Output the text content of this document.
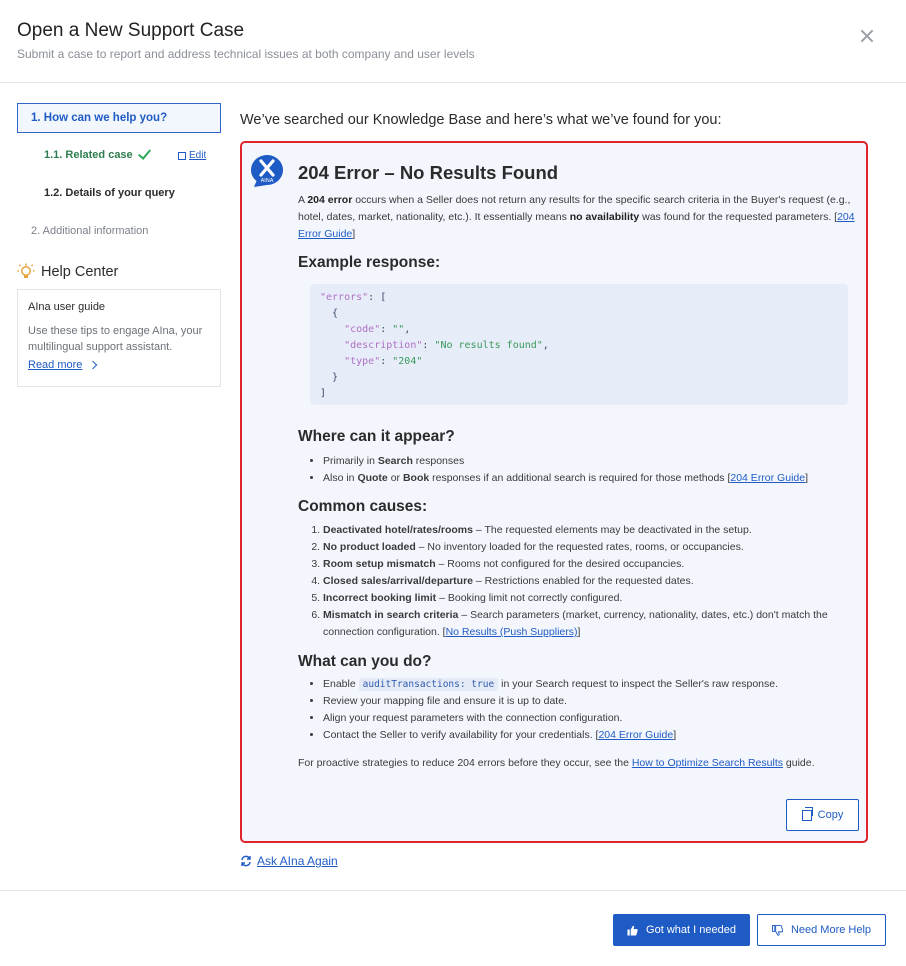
Open a New Support Case
Submit a case to report and address technical issues at both company and user levels
1. How can we help you?
1.1. Related case	Edit
1.2. Details of your query
2. Additional information
Help Center
AIna user guide
Use these tips to engage AIna, your multilingual support assistant.
Read more
We’ve searched our Knowledge Base and here’s what we’ve found for you:
AINA 204 Error – No Results Found
A 204 error occurs when a Seller does not return any results for the specific search criteria in the Buyer's request (e.g., hotel, dates, market, nationality, etc.). It essentially means no availability was found for the requested parameters. [204 Error Guide]
Example response:
"errors": [
{
"code": "",
"description": "No results found",
"type": "204"
}
]
Where can it appear?
• Primarily in Search responses
• Also in Quote or Book responses if an additional search is required for those methods [204 Error Guide]
Common causes:
1. Deactivated hotel/rates/rooms – The requested elements may be deactivated in the setup.
2. No product loaded – No inventory loaded for the requested rates, rooms, or occupancies.
3. Room setup mismatch – Rooms not configured for the desired occupancies.
4. Closed sales/arrival/departure – Restrictions enabled for the requested dates.
5. Incorrect booking limit – Booking limit not correctly configured.
6. Mismatch in search criteria – Search parameters (market, currency, nationality, dates, etc.) don't match the connection configuration. [No Results (Push Suppliers)]
What can you do?
• Enable auditTransactions: true in your Search request to inspect the Seller's raw response.
• Review your mapping file and ensure it is up to date.
• Align your request parameters with the connection configuration.
• Contact the Seller to verify availability for your credentials. [204 Error Guide]
For proactive strategies to reduce 204 errors before they occur, see the How to Optimize Search Results guide.
Copy
Ask AIna Again
Got what I needed	Need More Help
